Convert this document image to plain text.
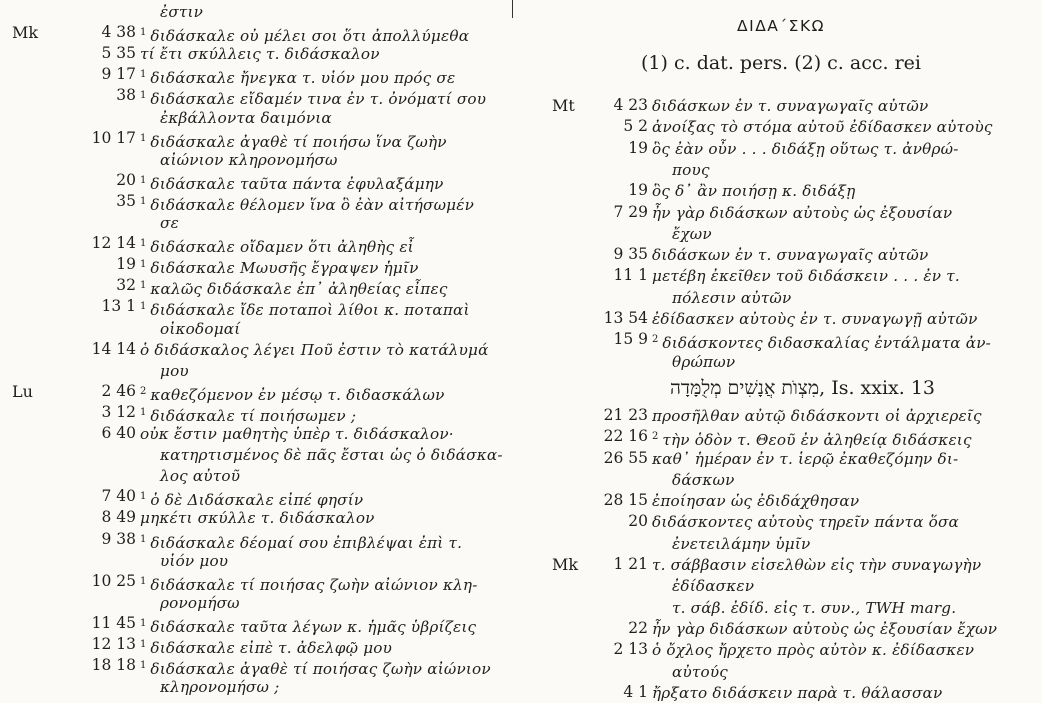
ἐστιν
Mk	4 38 $^1$ διδάσκαλε οὐ μέλει σοι ὅτι ἀπολλύμεθα
5 35 τί ἔτι σκύλλεις τ. διδάσκαλον
9 17 $^1$ διδάσκαλε ἤνεγκα τ. υἱόν μου πρός σε
38 $^1$ διδάσκαλε εἴδαμέν τινα ἐν τ. ὀνόματί σου
ἐκβάλλοντα δαιμόνια
10 17 $^1$ διδάσκαλε ἀγαθὲ τί ποιήσω ἵνα ζωὴν
αἰώνιον κληρονομήσω
20 $^1$ διδάσκαλε ταῦτα πάντα ἐφυλαξάμην
35 $^1$ διδάσκαλε θέλομεν ἵνα ὃ ἐὰν αἰτήσωμέν
σε
12 14 $^1$ διδάσκαλε οἴδαμεν ὅτι ἀληθὴς εἶ
19 $^1$ διδάσκαλε Μωυσῆς ἔγραψεν ἡμῖν
32 $^1$ καλῶς διδάσκαλε ἐπ᾽ ἀληθείας εἶπες
13 1 $^1$ διδάσκαλε ἴδε ποταποὶ λίθοι κ. ποταπαὶ
οἰκοδομαί
14 14 ὁ διδάσκαλος λέγει Ποῦ ἐστιν τὸ κατάλυμά
μου
Lu	2 46 $^2$ καθεζόμενον ἐν μέσῳ τ. διδασκάλων
3 12 $^1$ διδάσκαλε τί ποιήσωμεν ;
6 40 οὐκ ἔστιν μαθητὴς ὑπὲρ τ. διδάσκαλον·
κατηρτισμένος δὲ πᾶς ἔσται ὡς ὁ διδάσκα-
λος αὐτοῦ
7 40 $^1$ ὁ δὲ Διδάσκαλε εἰπέ φησίν
8 49 μηκέτι σκύλλε τ. διδάσκαλον
9 38 $^1$ διδάσκαλε δέομαί σου ἐπιβλέψαι ἐπὶ τ.
υἱόν μου
10 25 $^1$ διδάσκαλε τί ποιήσας ζωὴν αἰώνιον κλη-
ρονομήσω
11 45 $^1$ διδάσκαλε ταῦτα λέγων κ. ἡμᾶς ὑβρίζεις
12 13 $^1$ διδάσκαλε εἰπὲ τ. ἀδελφῷ μου
18 18 $^1$ διδάσκαλε ἀγαθὲ τί ποιήσας ζωὴν αἰώνιον
κληρονομήσω ;
ΔΙΔΑ΄ΣΚΩ
(1) c. dat. pers. (2) c. acc. rei
Mt	4 23 διδάσκων ἐν τ. συναγωγαῖς αὐτῶν
5 2 ἀνοίξας τὸ στόμα αὐτοῦ ἐδίδασκεν αὐτοὺς
19 ὃς ἐὰν οὖν . . . διδάξῃ οὕτως τ. ἀνθρώ-
πους
19 ὃς δ᾽ ἂν ποιήσῃ κ. διδάξῃ
7 29 ἦν γὰρ διδάσκων αὐτοὺς ὡς ἐξουσίαν
ἔχων
9 35 διδάσκων ἐν τ. συναγωγαῖς αὐτῶν
11 1 μετέβη ἐκεῖθεν τοῦ διδάσκειν . . . ἐν τ.
πόλεσιν αὐτῶν
13 54 ἐδίδασκεν αὐτοὺς ἐν τ. συναγωγῇ αὐτῶν
15 9 $^2$ διδάσκοντες διδασκαλίας ἐντάλματα ἀν-
θρώπων
21 23 προσῆλθαν αὐτῷ διδάσκοντι οἱ ἀρχιερεῖς
22 16 $^2$ τὴν ὁδὸν τ. Θεοῦ ἐν ἀληθείᾳ διδάσκεις
26 55 καθ᾽ ἡμέραν ἐν τ. ἱερῷ ἐκαθεζόμην δι-
δάσκων
28 15 ἐποίησαν ὡς ἐδιδάχθησαν
20 διδάσκοντες αὐτοὺς τηρεῖν πάντα ὅσα
ἐνετειλάμην ὑμῖν
Mk	1 21 τ. σάββασιν εἰσελθὼν εἰς τὴν συναγωγὴν
ἐδίδασκεν
τ. σάβ. ἐδίδ. εἰς τ. συν., TWH marg.
22 ἦν γὰρ διδάσκων αὐτοὺς ὡς ἐξουσίαν ἔχων
2 13 ὁ ὄχλος ἤρχετο πρὸς αὐτὸν κ. ἐδίδασκεν
αὐτούς
4 1 ἤρξατο διδάσκειν παρὰ τ. θάλασσαν
מִצְוֺת אֲנָשִׁים מְלֻמָּדָה, Is. xxix. 13
